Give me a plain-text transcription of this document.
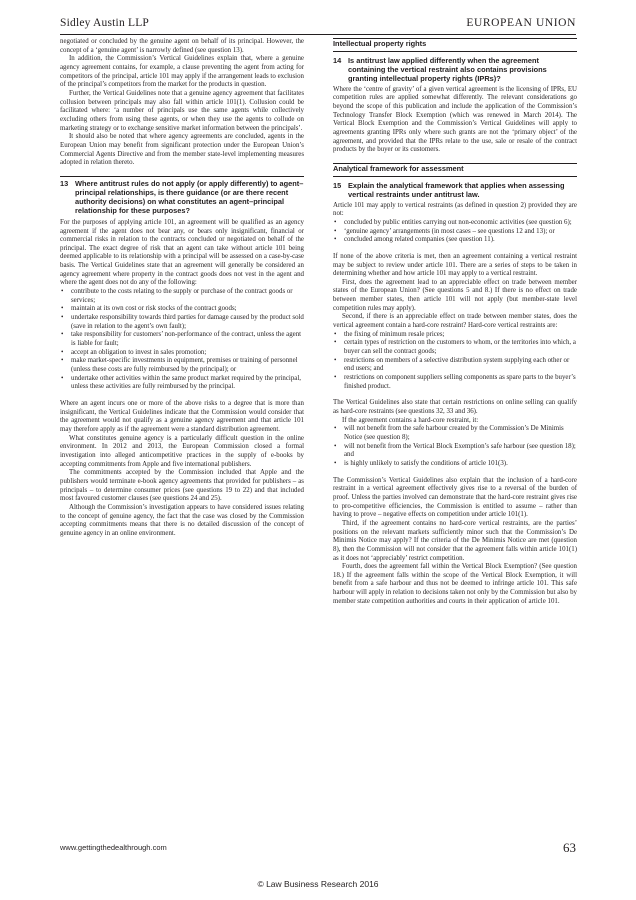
Sidley Austin LLP	EUROPEAN UNION

negotiated or concluded by the genuine agent on behalf of its principal. However, the concept of a ‘genuine agent’ is narrowly defined (see question 13).

In addition, the Commission’s Vertical Guidelines explain that, where a genuine agency agreement contains, for example, a clause preventing the agent from acting for competitors of the principal, article 101 may apply if the arrangement leads to exclusion of the principal’s competitors from the market for the products in question.

Further, the Vertical Guidelines note that a genuine agency agreement that facilitates collusion between principals may also fall within article 101(1). Collusion could be facilitated where: ‘a number of principals use the same agents while collectively excluding others from using these agents, or when they use the agents to collude on marketing strategy or to exchange sensitive market information between the principals’.

It should also be noted that where agency agreements are concluded, agents in the European Union may benefit from significant protection under the European Union’s Commercial Agents Directive and from the member state-level implementing measures adopted in relation thereto.

13 Where antitrust rules do not apply (or apply differently) to agent–principal relationships, is there guidance (or are there recent authority decisions) on what constitutes an agent–principal relationship for these purposes?

For the purposes of applying article 101, an agreement will be qualified as an agency agreement if the agent does not bear any, or bears only insignificant, financial or commercial risks in relation to the contracts concluded or negotiated on behalf of the principal. The exact degree of risk that an agent can take without article 101 being deemed applicable to its relationship with a principal will be assessed on a case-by-case basis. The Vertical Guidelines state that an agreement will generally be considered an agency agreement where property in the contract goods does not vest in the agent and where the agent does not do any of the following:

• contribute to the costs relating to the supply or purchase of the contract goods or services;
• maintain at its own cost or risk stocks of the contract goods;
• undertake responsibility towards third parties for damage caused by the product sold (save in relation to the agent’s own fault);
• take responsibility for customers’ non-performance of the contract, unless the agent is liable for fault;
• accept an obligation to invest in sales promotion;
• make market-specific investments in equipment, premises or training of personnel (unless these costs are fully reimbursed by the principal); or
• undertake other activities within the same product market required by the principal, unless these activities are fully reimbursed by the principal.

Where an agent incurs one or more of the above risks to a degree that is more than insignificant, the Vertical Guidelines indicate that the Commission would consider that the agreement would not qualify as a genuine agency agreement and that article 101 may therefore apply as if the agreement were a standard distribution agreement.

What constitutes genuine agency is a particularly difficult question in the online environment. In 2012 and 2013, the European Commission closed a formal investigation into alleged anticompetitive practices in the supply of e-books by accepting commitments from Apple and five international publishers.

The commitments accepted by the Commission included that Apple and the publishers would terminate e-book agency agreements that provided for publishers – as principals – to determine consumer prices (see questions 19 to 22) and that included most favoured customer clauses (see questions 24 and 25).

Although the Commission’s investigation appears to have considered issues relating to the concept of genuine agency, the fact that the case was closed by the Commission accepting commitments means that there is no detailed discussion of the concept of genuine agency in an online environment.

Intellectual property rights
14 Is antitrust law applied differently when the agreement containing the vertical restraint also contains provisions granting intellectual property rights (IPRs)?

Where the ‘centre of gravity’ of a given vertical agreement is the licensing of IPRs, EU competition rules are applied somewhat differently. The relevant considerations go beyond the scope of this publication and include the application of the Commission’s Technology Transfer Block Exemption (which was renewed in March 2014). The Vertical Block Exemption and the Commission’s Vertical Guidelines will apply to agreements granting IPRs only where such grants are not the ‘primary object’ of the agreement, and provided that the IPRs relate to the use, sale or resale of the contract products by the buyer or its customers.

Analytical framework for assessment
15 Explain the analytical framework that applies when assessing vertical restraints under antitrust law.

Article 101 may apply to vertical restraints (as defined in question 2) provided they are not:

• concluded by public entities carrying out non-economic activities (see question 6);
• ‘genuine agency’ arrangements (in most cases – see questions 12 and 13); or
• concluded among related companies (see question 11).

If none of the above criteria is met, then an agreement containing a vertical restraint may be subject to review under article 101. There are a series of steps to be taken in determining whether and how article 101 may apply to a vertical restraint.

First, does the agreement lead to an appreciable effect on trade between member states of the European Union? (See questions 5 and 8.) If there is no effect on trade between member states, then article 101 will not apply (but member-state level competition rules may apply).

Second, if there is an appreciable effect on trade between member states, does the vertical agreement contain a hard-core restraint? Hard-core vertical restraints are:

• the fixing of minimum resale prices;
• certain types of restriction on the customers to whom, or the territories into which, a buyer can sell the contract goods;
• restrictions on members of a selective distribution system supplying each other or end users; and
• restrictions on component suppliers selling components as spare parts to the buyer’s finished product.

The Vertical Guidelines also state that certain restrictions on online selling can qualify as hard-core restraints (see questions 32, 33 and 36).

If the agreement contains a hard-core restraint, it:

• will not benefit from the safe harbour created by the Commission’s De Minimis Notice (see question 8);
• will not benefit from the Vertical Block Exemption’s safe harbour (see question 18); and
• is highly unlikely to satisfy the conditions of article 101(3).

The Commission’s Vertical Guidelines also explain that the inclusion of a hard-core restraint in a vertical agreement effectively gives rise to a reversal of the burden of proof. Unless the parties involved can demonstrate that the hard-core restraint gives rise to pro-competitive efficiencies, the Commission is entitled to assume – rather than having to prove – negative effects on competition under article 101(1).

Third, if the agreement contains no hard-core vertical restraints, are the parties’ positions on the relevant markets sufficiently minor such that the Commission’s De Minimis Notice may apply? If the criteria of the De Minimis Notice are met (question 8), then the Commission will not consider that the agreement falls within article 101(1) as it does not ‘appreciably’ restrict competition.

Fourth, does the agreement fall within the Vertical Block Exemption? (See question 18.) If the agreement falls within the scope of the Vertical Block Exemption, it will benefit from a safe harbour and thus not be deemed to infringe article 101. This safe harbour will apply in relation to decisions taken not only by the Commission but also by member state competition authorities and courts in their application of article 101.

www.gettingthedealthrough.com	63
© Law Business Research 2016
